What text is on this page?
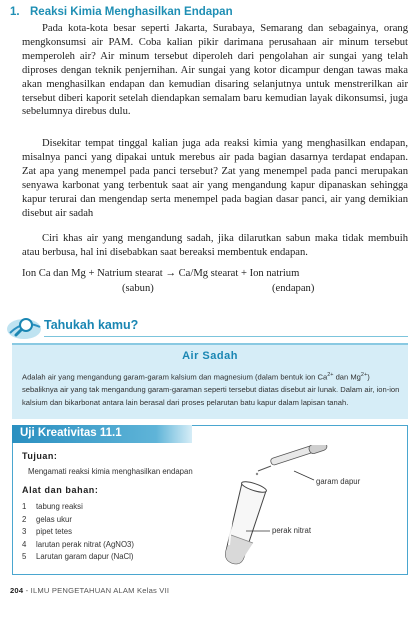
1. Reaksi Kimia Menghasilkan Endapan

Pada kota-kota besar seperti Jakarta, Surabaya, Semarang dan sebagainya, orang mengkonsumsi air PAM. Coba kalian pikir darimana perusahaan air minum tersebut memperoleh air? Air minum tersebut diperoleh dari pengolahan air sungai yang telah diproses dengan teknik penjernihan. Air sungai yang kotor dicampur dengan tawas maka akan menghasilkan endapan dan kemudian disaring selanjutnya untuk menstrerilkan air tersebut diberi kaporit setelah diendapkan semalam baru kemudian layak dikonsumsi, juga sebelumnya direbus dulu.

Disekitar tempat tinggal kalian juga ada reaksi kimia yang menghasilkan endapan, misalnya panci yang dipakai untuk merebus air pada bagian dasarnya terdapat endapan. Zat apa yang menempel pada panci tersebut? Zat yang menempel pada panci merupakan senyawa karbonat yang terbentuk saat air yang mengandung kapur dipanaskan sehingga kapur terurai dan mengendap serta menempel pada bagian dasar panci, air yang demikian disebut air sadah

Ciri khas air yang mengandung sadah, jika dilarutkan sabun maka tidak membuih atau berbusa, hal ini disebabkan saat bereaksi membentuk endapan.

Ion Ca dan Mg + Natrium stearat → Ca/Mg stearat + Ion natrium
(sabun)	(endapan)
Tahukah kamu?
Air Sadah

Adalah air yang mengandung garam-garam kalsium dan magnesium (dalam bentuk ion $Ca^{2+}$ dan $Mg^{2+}$) sebaliknya air yang tak mengandung garam-garaman seperti tersebut diatas disebut air lunak. Dalam air, ion-ion kalsium dan bikarbonat antara lain berasal dari proses pelarutan batu kapur dalam lapisan tanah.

Uji Kreativitas 11.1
Tujuan:
Mengamati reaksi kimia menghasilkan endapan
Alat dan bahan:
1 tabung reaksi
2 gelas ukur
3 pipet tetes
4 larutan perak nitrat (AgNO3)
5 Larutan garam dapur (NaCl)
garam dapur
perak nitrat
204 - ILMU PENGETAHUAN ALAM Kelas VII
